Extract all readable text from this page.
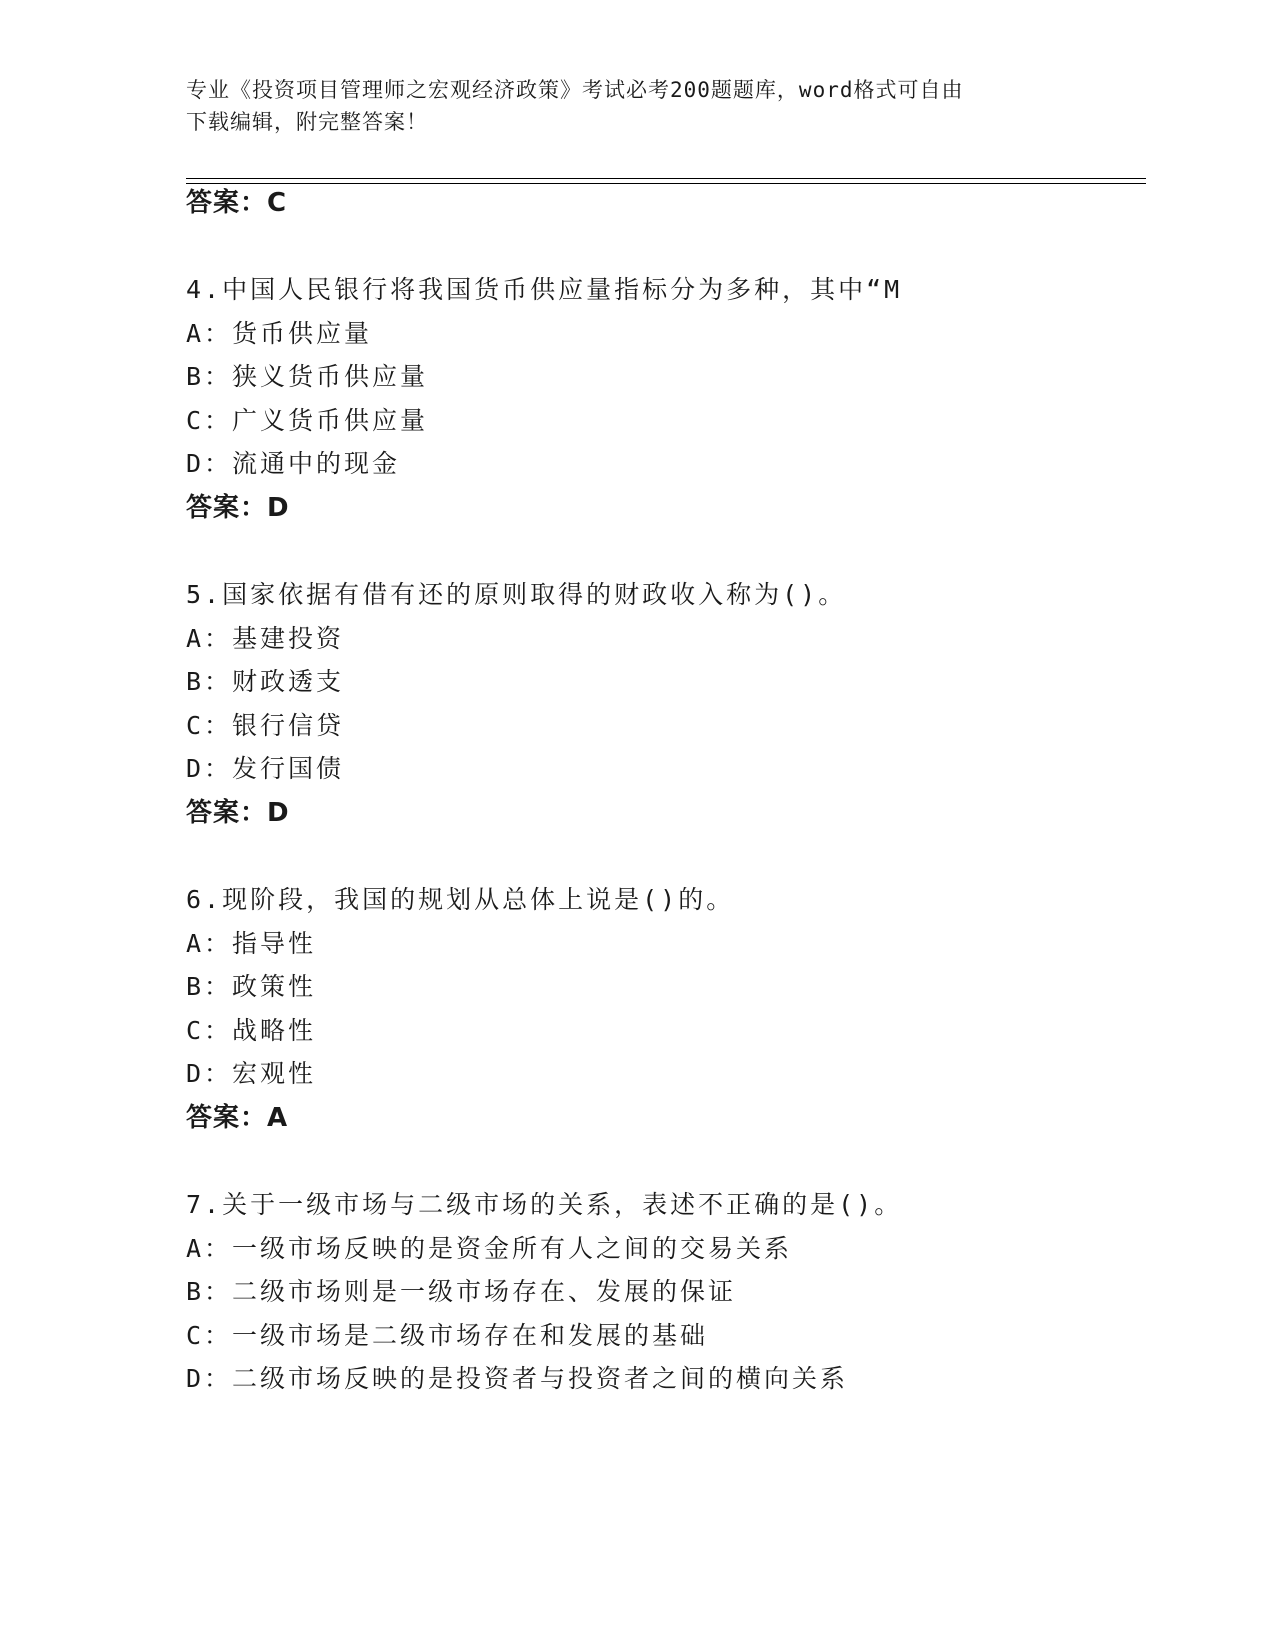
专业《投资项目管理师之宏观经济政策》考试必考200题题库，word格式可自由
下载编辑，附完整答案！
答案：C
4.中国人民银行将我国货币供应量指标分为多种，其中“M
A：货币供应量
B：狭义货币供应量
C：广义货币供应量
D：流通中的现金
答案：D
5.国家依据有借有还的原则取得的财政收入称为()。
A：基建投资
B：财政透支
C：银行信贷
D：发行国债
答案：D
6.现阶段，我国的规划从总体上说是()的。
A：指导性
B：政策性
C：战略性
D：宏观性
答案：A
7.关于一级市场与二级市场的关系，表述不正确的是()。
A：一级市场反映的是资金所有人之间的交易关系
B：二级市场则是一级市场存在、发展的保证
C：一级市场是二级市场存在和发展的基础
D：二级市场反映的是投资者与投资者之间的横向关系
